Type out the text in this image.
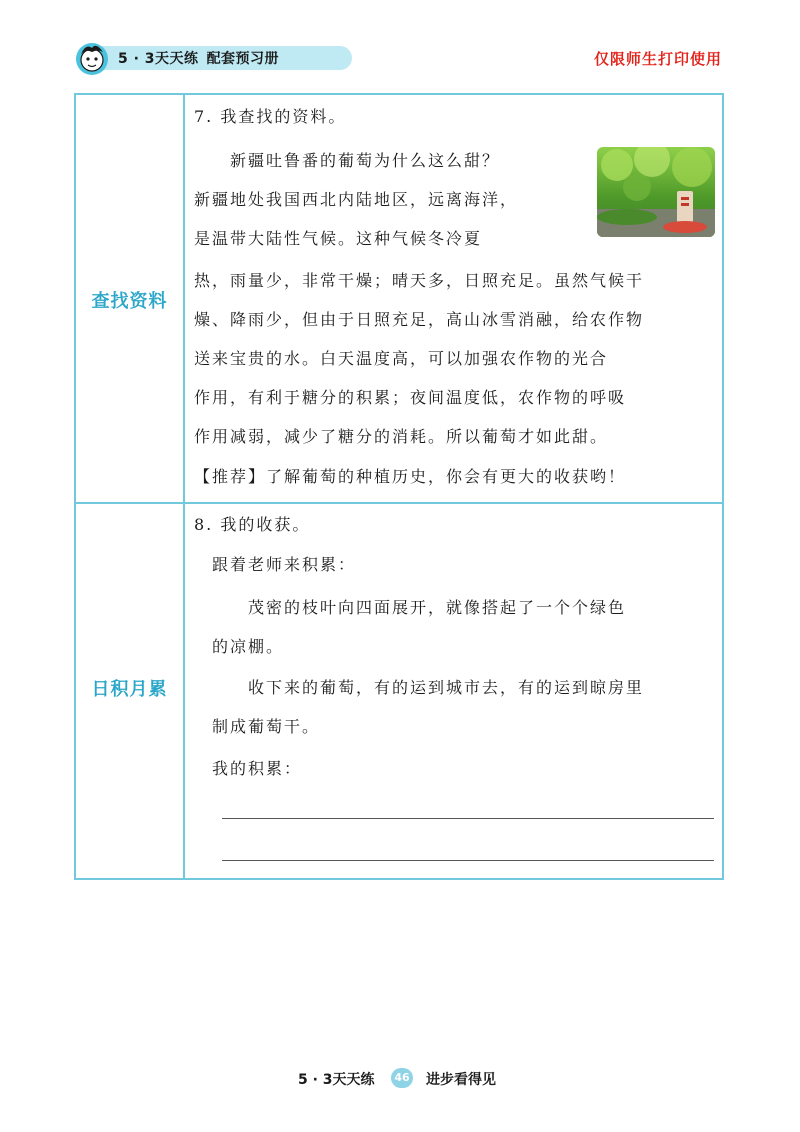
5 · 3天天练 配套预习册	仅限师生打印使用
查找资料
日积月累
7. 我查找的资料。
　　新疆吐鲁番的葡萄为什么这么甜？
新疆地处我国西北内陆地区，远离海洋，
是温带大陆性气候。这种气候冬冷夏
热，雨量少，非常干燥；晴天多，日照充足。虽然气候干
燥、降雨少，但由于日照充足，高山冰雪消融，给农作物
送来宝贵的水。白天温度高，可以加强农作物的光合
作用，有利于糖分的积累；夜间温度低，农作物的呼吸
作用减弱，减少了糖分的消耗。所以葡萄才如此甜。
【推荐】了解葡萄的种植历史，你会有更大的收获哟！
8. 我的收获。
　跟着老师来积累：
　　　茂密的枝叶向四面展开，就像搭起了一个个绿色
　的凉棚。
　　　收下来的葡萄，有的运到城市去，有的运到晾房里
　制成葡萄干。
　我的积累：
5 · 3天天练	46 进步看得见
